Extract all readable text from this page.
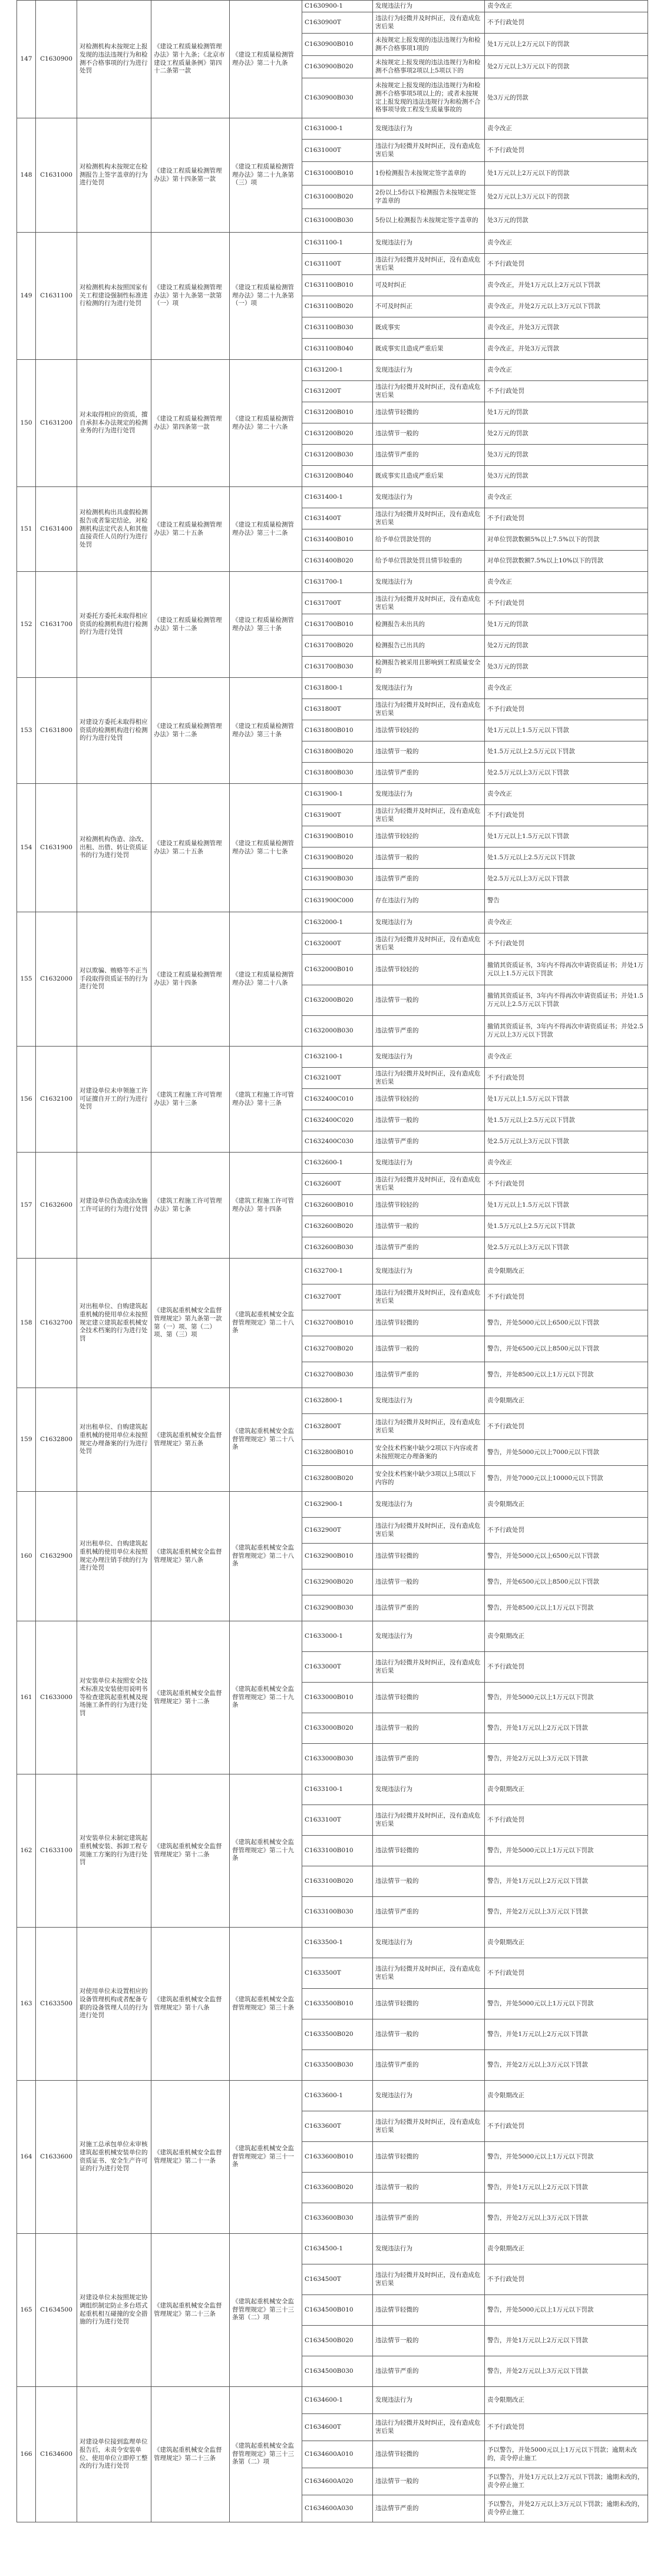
147	C1630900	对检测机构未按规定上报发现的违法违规行为和检测不合格事项的行为进行处罚	《建设工程质量检测管理办法》第十九条；《北京市建设工程质量条例》第四十二条第一款	《建设工程质量检测管理办法》第二十九条	C1630900-1	发现违法行为	责令改正
					C1630900T	违法行为轻微并及时纠正，没有造成危害后果	不予行政处罚
					C1630900B010	未按规定上报发现的违法违规行为和检测不合格事项1项的	处1万元以上2万元以下的罚款
					C1630900B020	未按规定上报发现的违法违规行为和检测不合格事项2项以上5项以下的	处2万元以上3万元以下的罚款
					C1630900B030	未按规定上报发现的违法违规行为和检测不合格事项5项以上的；或者未按规定上报发现的违法违规行为和检测不合格事项导致工程发生质量事故的	处3万元的罚款
148	C1631000	对检测机构未按规定在检测报告上签字盖章的行为进行处罚	《建设工程质量检测管理办法》第十四条第一款	《建设工程质量检测管理办法》第二十九条第（三）项	C1631000-1	发现违法行为	责令改正
					C1631000T	违法行为轻微并及时纠正，没有造成危害后果	不予行政处罚
					C1631000B010	1份检测报告未按规定签字盖章的	处1万元以上2万元以下的罚款
					C1631000B020	2份以上5份以下检测报告未按规定签字盖章的	处2万元以上3万元以下的罚款
					C1631000B030	5份以上检测报告未按规定签字盖章的	处3万元的罚款
149	C1631100	对检测机构未按照国家有关工程建设强制性标准进行检测的行为进行处罚	《建设工程质量检测管理办法》第十九条第一款第（一）项	《建设工程质量检测管理办法》第二十九条第（一）项	C1631100-1	发现违法行为	责令改正
					C1631100T	违法行为轻微并及时纠正，没有造成危害后果	不予行政处罚
					C1631100B010	可及时纠正	责令改正，并处1万元以上2万元以下罚款
					C1631100B020	不可及时纠正	责令改正，并处2万元以上3万元以下罚款
					C1631100B030	既成事实	责令改正，并处3万元罚款
					C1631100B040	既成事实且造成严重后果	责令改正，并处3万元罚款
150	C1631200	对未取得相应的资质，擅自承担本办法规定的检测业务的行为进行处罚	《建设工程质量检测管理办法》第四条第一款	《建设工程质量检测管理办法》第二十六条	C1631200-1	发现违法行为	责令改正
					C1631200T	违法行为轻微并及时纠正，没有造成危害后果	不予行政处罚
					C1631200B010	违法情节轻微的	处1万元的罚款
					C1631200B020	违法情节一般的	处2万元的罚款
					C1631200B030	违法情节严重的	处3万元的罚款
					C1631200B040	既成事实且造成严重后果	处3万元的罚款
151	C1631400	对检测机构出具虚假检测报告或者鉴定结论，对检测机构法定代表人和其他直接责任人员的行为进行处罚	《建设工程质量检测管理办法》第二十五条	《建设工程质量检测管理办法》第三十二条	C1631400-1	发现违法行为	责令改正
					C1631400T	违法行为轻微并及时纠正，没有造成危害后果	不予行政处罚
					C1631400B010	给予单位罚款处罚的	对单位罚款数额5%以上7.5%以下的罚款
					C1631400B020	给予单位罚款处罚且情节较重的	对单位罚款数额7.5%以上10%以下的罚款
152	C1631700	对委托方委托未取得相应资质的检测机构进行检测的行为进行处罚	《建设工程质量检测管理办法》第十二条	《建设工程质量检测管理办法》第三十条	C1631700-1	发现违法行为	责令改正
					C1631700T	违法行为轻微并及时纠正，没有造成危害后果	不予行政处罚
					C1631700B010	检测报告未出具的	处1万元的罚款
					C1631700B020	检测报告已出具的	处2万元的罚款
					C1631700B030	检测报告被采用且影响到工程质量安全的	处3万元的罚款
153	C1631800	对建设方委托未取得相应资质的检测机构进行检测的行为进行处罚	《建设工程质量检测管理办法》第十二条	《建设工程质量检测管理办法》第三十条	C1631800-1	发现违法行为	责令改正
					C1631800T	违法行为轻微并及时纠正，没有造成危害后果	不予行政处罚
					C1631800B010	违法情节较轻的	处1万元以上1.5万元以下罚款
					C1631800B020	违法情节一般的	处1.5万元以上2.5万元以下罚款
					C1631800B030	违法情节严重的	处2.5万元以上3万元以下罚款
154	C1631900	对检测机构伪造、涂改、出租、出借、转让资质证书的行为进行处罚	《建设工程质量检测管理办法》第二十五条	《建设工程质量检测管理办法》第二十七条	C1631900-1	发现违法行为	责令改正
					C1631900T	违法行为轻微并及时纠正，没有造成危害后果	不予行政处罚
					C1631900B010	违法情节较轻的	处1万元以上1.5万元以下罚款
					C1631900B020	违法情节一般的	处1.5万元以上2.5万元以下罚款
					C1631900B030	违法情节严重的	处2.5万元以上3万元以下罚款
					C1631900C000	存在违法行为的	警告
155	C1632000	对以欺骗、贿赂等不正当手段取得资质证书的行为进行处罚	《建设工程质量检测管理办法》第十四条	《建设工程质量检测管理办法》第二十八条	C1632000-1	发现违法行为	责令改正
					C1632000T	违法行为轻微并及时纠正，没有造成危害后果	不予行政处罚
					C1632000B010	违法情节较轻的	撤销其资质证书，3年内不得再次申请资质证书；并处1万元以上1.5万元以下罚款
					C1632000B020	违法情节一般的	撤销其资质证书，3年内不得再次申请资质证书；并处1.5万元以上2.5万元以下罚款
					C1632000B030	违法情节严重的	撤销其资质证书，3年内不得再次申请资质证书；并处2.5万元以上3万元以下罚款
156	C1632100	对建设单位未申领施工许可证擅自开工的行为进行处罚	《建筑工程施工许可管理办法》第十三条	《建筑工程施工许可管理办法》第十三条	C1632100-1	发现违法行为	责令改正
					C1632100T	违法行为轻微并及时纠正，没有造成危害后果	不予行政处罚
					C1632400C010	违法情节较轻的	处1万元以上1.5万元以下罚款
					C1632400C020	违法情节一般的	处1.5万元以上2.5万元以下罚款
					C1632400C030	违法情节严重的	处2.5万元以上3万元以下罚款
157	C1632600	对建设单位伪造或涂改施工许可证的行为进行处罚	《建筑工程施工许可管理办法》第七条	《建筑工程施工许可管理办法》第十四条	C1632600-1	发现违法行为	责令改正
					C1632600T	违法行为轻微并及时纠正，没有造成危害后果	不予行政处罚
					C1632600B010	违法情节较轻的	处1万元以上1.5万元以下罚款
					C1632600B020	违法情节一般的	处1.5万元以上2.5万元以下罚款
					C1632600B030	违法情节严重的	处2.5万元以上3万元以下罚款
158	C1632700	对出租单位、自购建筑起重机械的使用单位未按照规定建立建筑起重机械安全技术档案的行为进行处罚	《建筑起重机械安全监督管理规定》第九条第一款第（一）项、第（二）项、第（三）项	《建筑起重机械安全监督管理规定》第二十八条	C1632700-1	发现违法行为	责令限期改正
					C1632700T	违法行为轻微并及时纠正，没有造成危害后果	不予行政处罚
					C1632700B010	违法情节轻微的	警告，并处5000元以上6500元以下罚款
					C1632700B020	违法情节一般的	警告，并处6500元以上8500元以下罚款
					C1632700B030	违法情节严重的	警告，并处8500元以上1万元以下罚款
159	C1632800	对出租单位、自购建筑起重机械的使用单位未按照规定办理备案的行为进行处罚	《建筑起重机械安全监督管理规定》第五条	《建筑起重机械安全监督管理规定》第二十八条	C1632800-1	发现违法行为	责令限期改正
					C1632800T	违法行为轻微并及时纠正，没有造成危害后果	不予行政处罚
					C1632800B010	安全技术档案中缺少2项以下内容或者未按照规定办理备案的	警告，并处5000元以上7000元以下罚款
					C1632800B020	安全技术档案中缺少3项以上5项以下内容的	警告，并处7000元以上10000元以下罚款
160	C1632900	对出租单位、自购建筑起重机械的使用单位未按照规定办理注销手续的行为进行处罚	《建筑起重机械安全监督管理规定》第八条	《建筑起重机械安全监督管理规定》第二十八条	C1632900-1	发现违法行为	责令限期改正
					C1632900T	违法行为轻微并及时纠正，没有造成危害后果	不予行政处罚
					C1632900B010	违法情节轻微的	警告，并处5000元以上6500元以下罚款
					C1632900B020	违法情节一般的	警告，并处6500元以上8500元以下罚款
					C1632900B030	违法情节严重的	警告，并处8500元以上1万元以下罚款
161	C1633000	对安装单位未按照安全技术标准及安装使用说明书等检查建筑起重机械及现场施工条件的行为进行处罚	《建筑起重机械安全监督管理规定》第十二条	《建筑起重机械安全监督管理规定》第二十九条	C1633000-1	发现违法行为	责令限期改正
					C1633000T	违法行为轻微并及时纠正，没有造成危害后果	不予行政处罚
					C1633000B010	违法情节轻微的	警告，并处5000元以上1万元以下罚款
					C1633000B020	违法情节一般的	警告，并处1万元以上2万元以下罚款
					C1633000B030	违法情节严重的	警告，并处2万元以上3万元以下罚款
162	C1633100	对安装单位未制定建筑起重机械安装、拆卸工程专项施工方案的行为进行处罚	《建筑起重机械安全监督管理规定》第十二条	《建筑起重机械安全监督管理规定》第二十九条	C1633100-1	发现违法行为	责令限期改正
					C1633100T	违法行为轻微并及时纠正，没有造成危害后果	不予行政处罚
					C1633100B010	违法情节轻微的	警告，并处5000元以上1万元以下罚款
					C1633100B020	违法情节一般的	警告，并处1万元以上2万元以下罚款
					C1633100B030	违法情节严重的	警告，并处2万元以上3万元以下罚款
163	C1633500	对使用单位未设置相应的设备管理机构或者配备专职的设备管理人员的行为进行处罚	《建筑起重机械安全监督管理规定》第十八条	《建筑起重机械安全监督管理规定》第三十条	C1633500-1	发现违法行为	责令限期改正
					C1633500T	违法行为轻微并及时纠正，没有造成危害后果	不予行政处罚
					C1633500B010	违法情节轻微的	警告，并处5000元以上1万元以下罚款
					C1633500B020	违法情节一般的	警告，并处1万元以上2万元以下罚款
					C1633500B030	违法情节严重的	警告，并处2万元以上3万元以下罚款
164	C1633600	对施工总承包单位未审核建筑起重机械安装单位的资质证书、安全生产许可证的行为进行处罚	《建筑起重机械安全监督管理规定》第二十一条	《建筑起重机械安全监督管理规定》第三十一条	C1633600-1	发现违法行为	责令限期改正
					C1633600T	违法行为轻微并及时纠正，没有造成危害后果	不予行政处罚
					C1633600B010	违法情节轻微的	警告，并处5000元以上1万元以下罚款
					C1633600B020	违法情节一般的	警告，并处1万元以上2万元以下罚款
					C1633600B030	违法情节严重的	警告，并处2万元以上3万元以下罚款
165	C1634500	对建设单位未按照规定协调组织制定防止多台塔式起重机相互碰撞的安全措施的行为进行处罚	《建筑起重机械安全监督管理规定》第二十三条	《建筑起重机械安全监督管理规定》第三十三条第（二）项	C1634500-1	发现违法行为	责令限期改正
					C1634500T	违法行为轻微并及时纠正，没有造成危害后果	不予行政处罚
					C1634500B010	违法情节轻微的	警告，并处5000元以上1万元以下罚款
					C1634500B020	违法情节一般的	警告，并处1万元以上2万元以下罚款
					C1634500B030	违法情节严重的	警告，并处2万元以上3万元以下罚款
166	C1634600	对建设单位接到监理单位报告后，未责令安装单位、使用单位立即停工整改的行为进行处罚	《建筑起重机械安全监督管理规定》第二十三条	《建筑起重机械安全监督管理规定》第三十三条第（二）项	C1634600-1	发现违法行为	责令限期改正
					C1634600T	违法行为轻微并及时纠正，没有造成危害后果	不予行政处罚
					C1634600A010	违法情节轻微的	予以警告，并处5000元以上1万元以下罚款；逾期未改的，责令停止施工
					C1634600A020	违法情节一般的	予以警告，并处1万元以上2万元以下罚款；逾期未改的，责令停止施工
					C1634600A030	违法情节严重的	予以警告，并处2万元以上3万元以下罚款；逾期未改的，责令停止施工
